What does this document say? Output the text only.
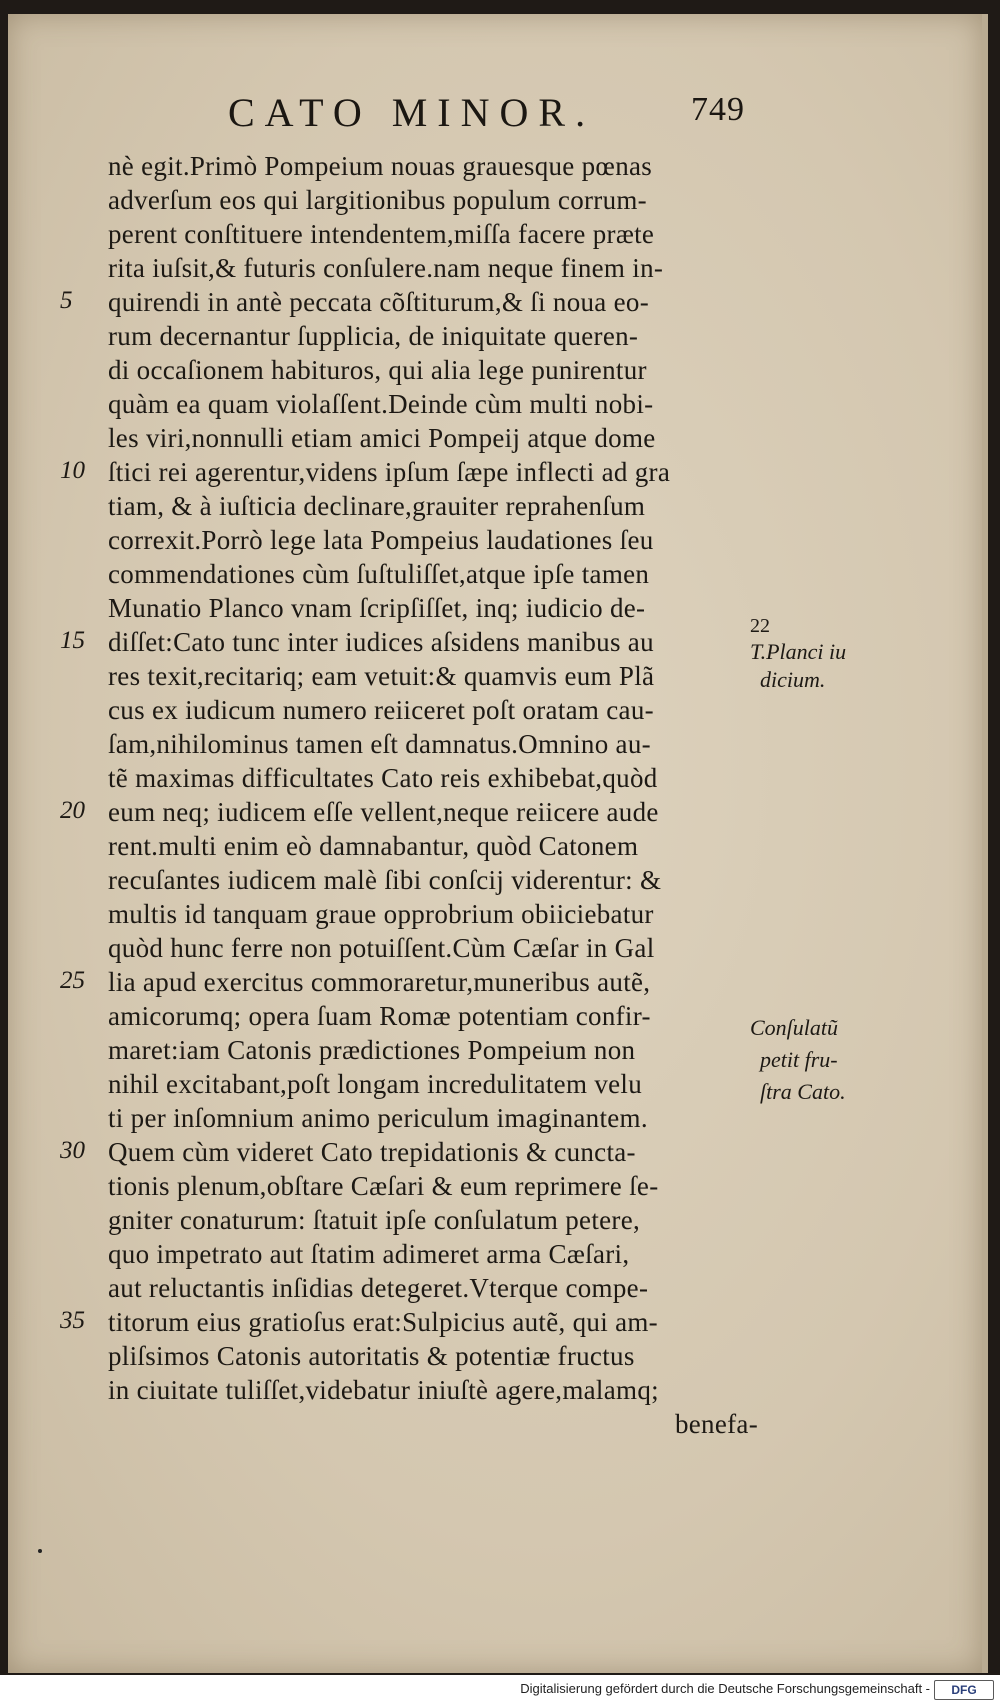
CATO MINOR.	749
nè egit.Primò Pompeium nouas grauesque pœnas
adverſum eos qui largitionibus populum corrum-
perent conſtituere intendentem,miſſa facere præte
rita iuſsit,& futuris conſulere.nam neque finem in-
quirendi in antè peccata cõſtiturum,& ſi noua eo-
rum decernantur ſupplicia, de iniquitate queren-
di occaſionem habituros, qui alia lege punirentur
quàm ea quam violaſſent.Deinde cùm multi nobi-
les viri,nonnulli etiam amici Pompeij atque dome
ſtici rei agerentur,videns ipſum ſæpe inflecti ad gra
tiam, & à iuſticia declinare,grauiter reprahenſum
correxit.Porrò lege lata Pompeius laudationes ſeu
commendationes cùm ſuſtuliſſet,atque ipſe tamen
Munatio Planco vnam ſcripſiſſet, inq; iudicio de-
diſſet:Cato tunc inter iudices aſsidens manibus au
res texit,recitariq; eam vetuit:& quamvis eum Plã
cus ex iudicum numero reiiceret poſt oratam cau-
ſam,nihilominus tamen eſt damnatus.Omnino au-
tẽ maximas difficultates Cato reis exhibebat,quòd
eum neq; iudicem eſſe vellent,neque reiicere aude
rent.multi enim eò damnabantur, quòd Catonem
recuſantes iudicem malè ſibi conſcij viderentur: &
multis id tanquam graue opprobrium obiiciebatur
quòd hunc ferre non potuiſſent.Cùm Cæſar in Gal
lia apud exercitus commoraretur,muneribus autẽ,
amicorumq; opera ſuam Romæ potentiam confir-
maret:iam Catonis prædictiones Pompeium non
nihil excitabant,poſt longam incredulitatem velu
ti per inſomnium animo periculum imaginantem.
Quem cùm videret Cato trepidationis & cuncta-
tionis plenum,obſtare Cæſari & eum reprimere ſe-
gniter conaturum: ſtatuit ipſe conſulatum petere,
quo impetrato aut ſtatim adimeret arma Cæſari,
aut reluctantis inſidias detegeret.Vterque compe-
titorum eius gratioſus erat:Sulpicius autẽ, qui am-
pliſsimos Catonis autoritatis & potentiæ fructus
in ciuitate tuliſſet,videbatur iniuſtè agere,malamq;
benefa-
5
10
15
20
25
30
35
22
T.Planci iu
dicium.
Conſulatũ
petit fru-
ſtra Cato.
Digitalisierung gefördert durch die Deutsche Forschungsgemeinschaft -	DFG
